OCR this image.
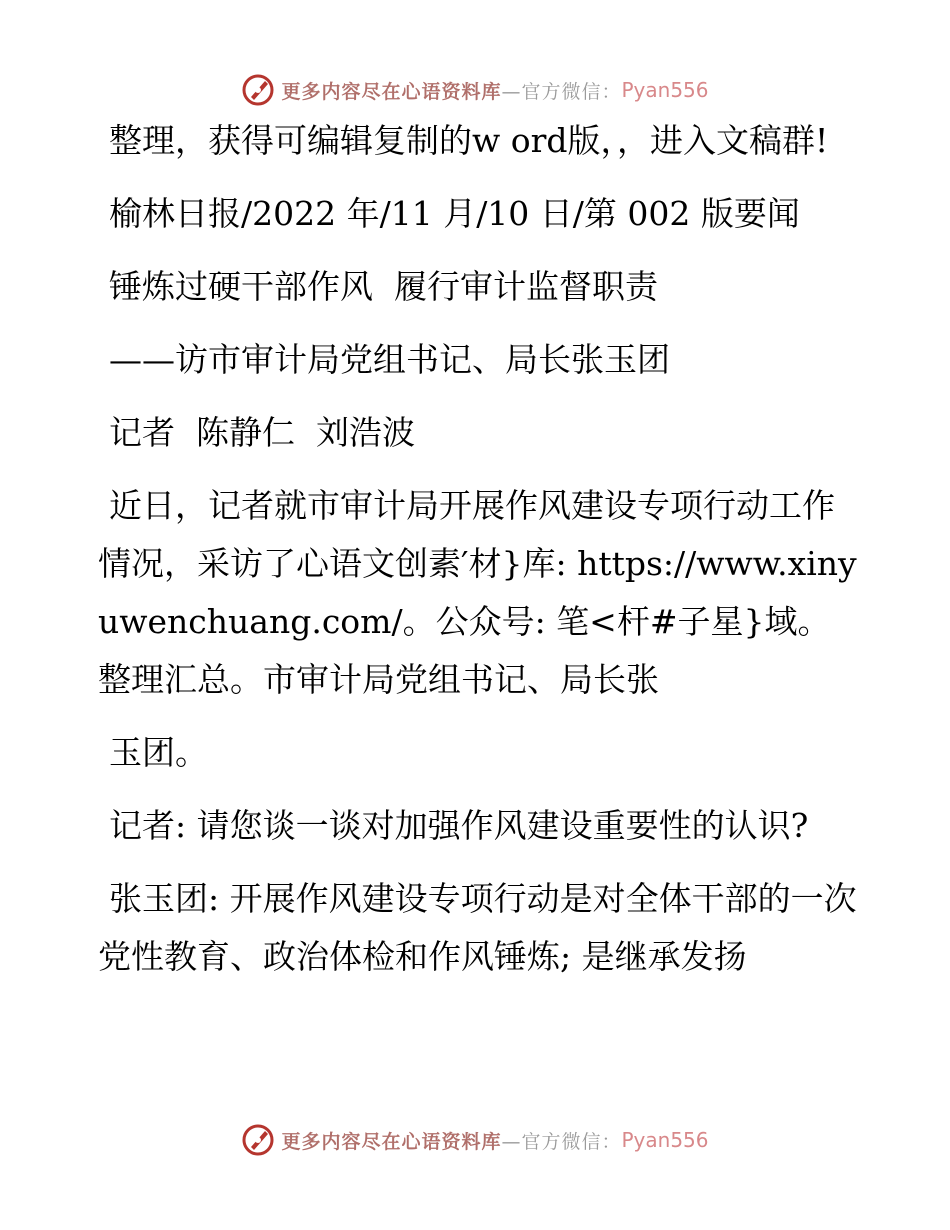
更多内容尽在心语资料库 —官方微信： Pyan556

整理，获得可编辑复制的w ord版，，进入文稿群!

榆林日报/2022 年/11 月/10 日/第 002 版要闻

锤炼过硬干部作风  履行审计监督职责

——访市审计局党组书记、局长张玉团

记者  陈静仁  刘浩波

近日，记者就市审计局开展作风建设专项行动工作情况，采访了心语文创素′材}库: https://www.xinyuwenchuang.com/。公众号: 笔<杆#子星}域。整理汇总。市审计局党组书记、局长张

玉团。

记者: 请您谈一谈对加强作风建设重要性的认识?

张玉团: 开展作风建设专项行动是对全体干部的一次党性教育、政治体检和作风锤炼; 是继承发扬

更多内容尽在心语资料库 —官方微信： Pyan556
